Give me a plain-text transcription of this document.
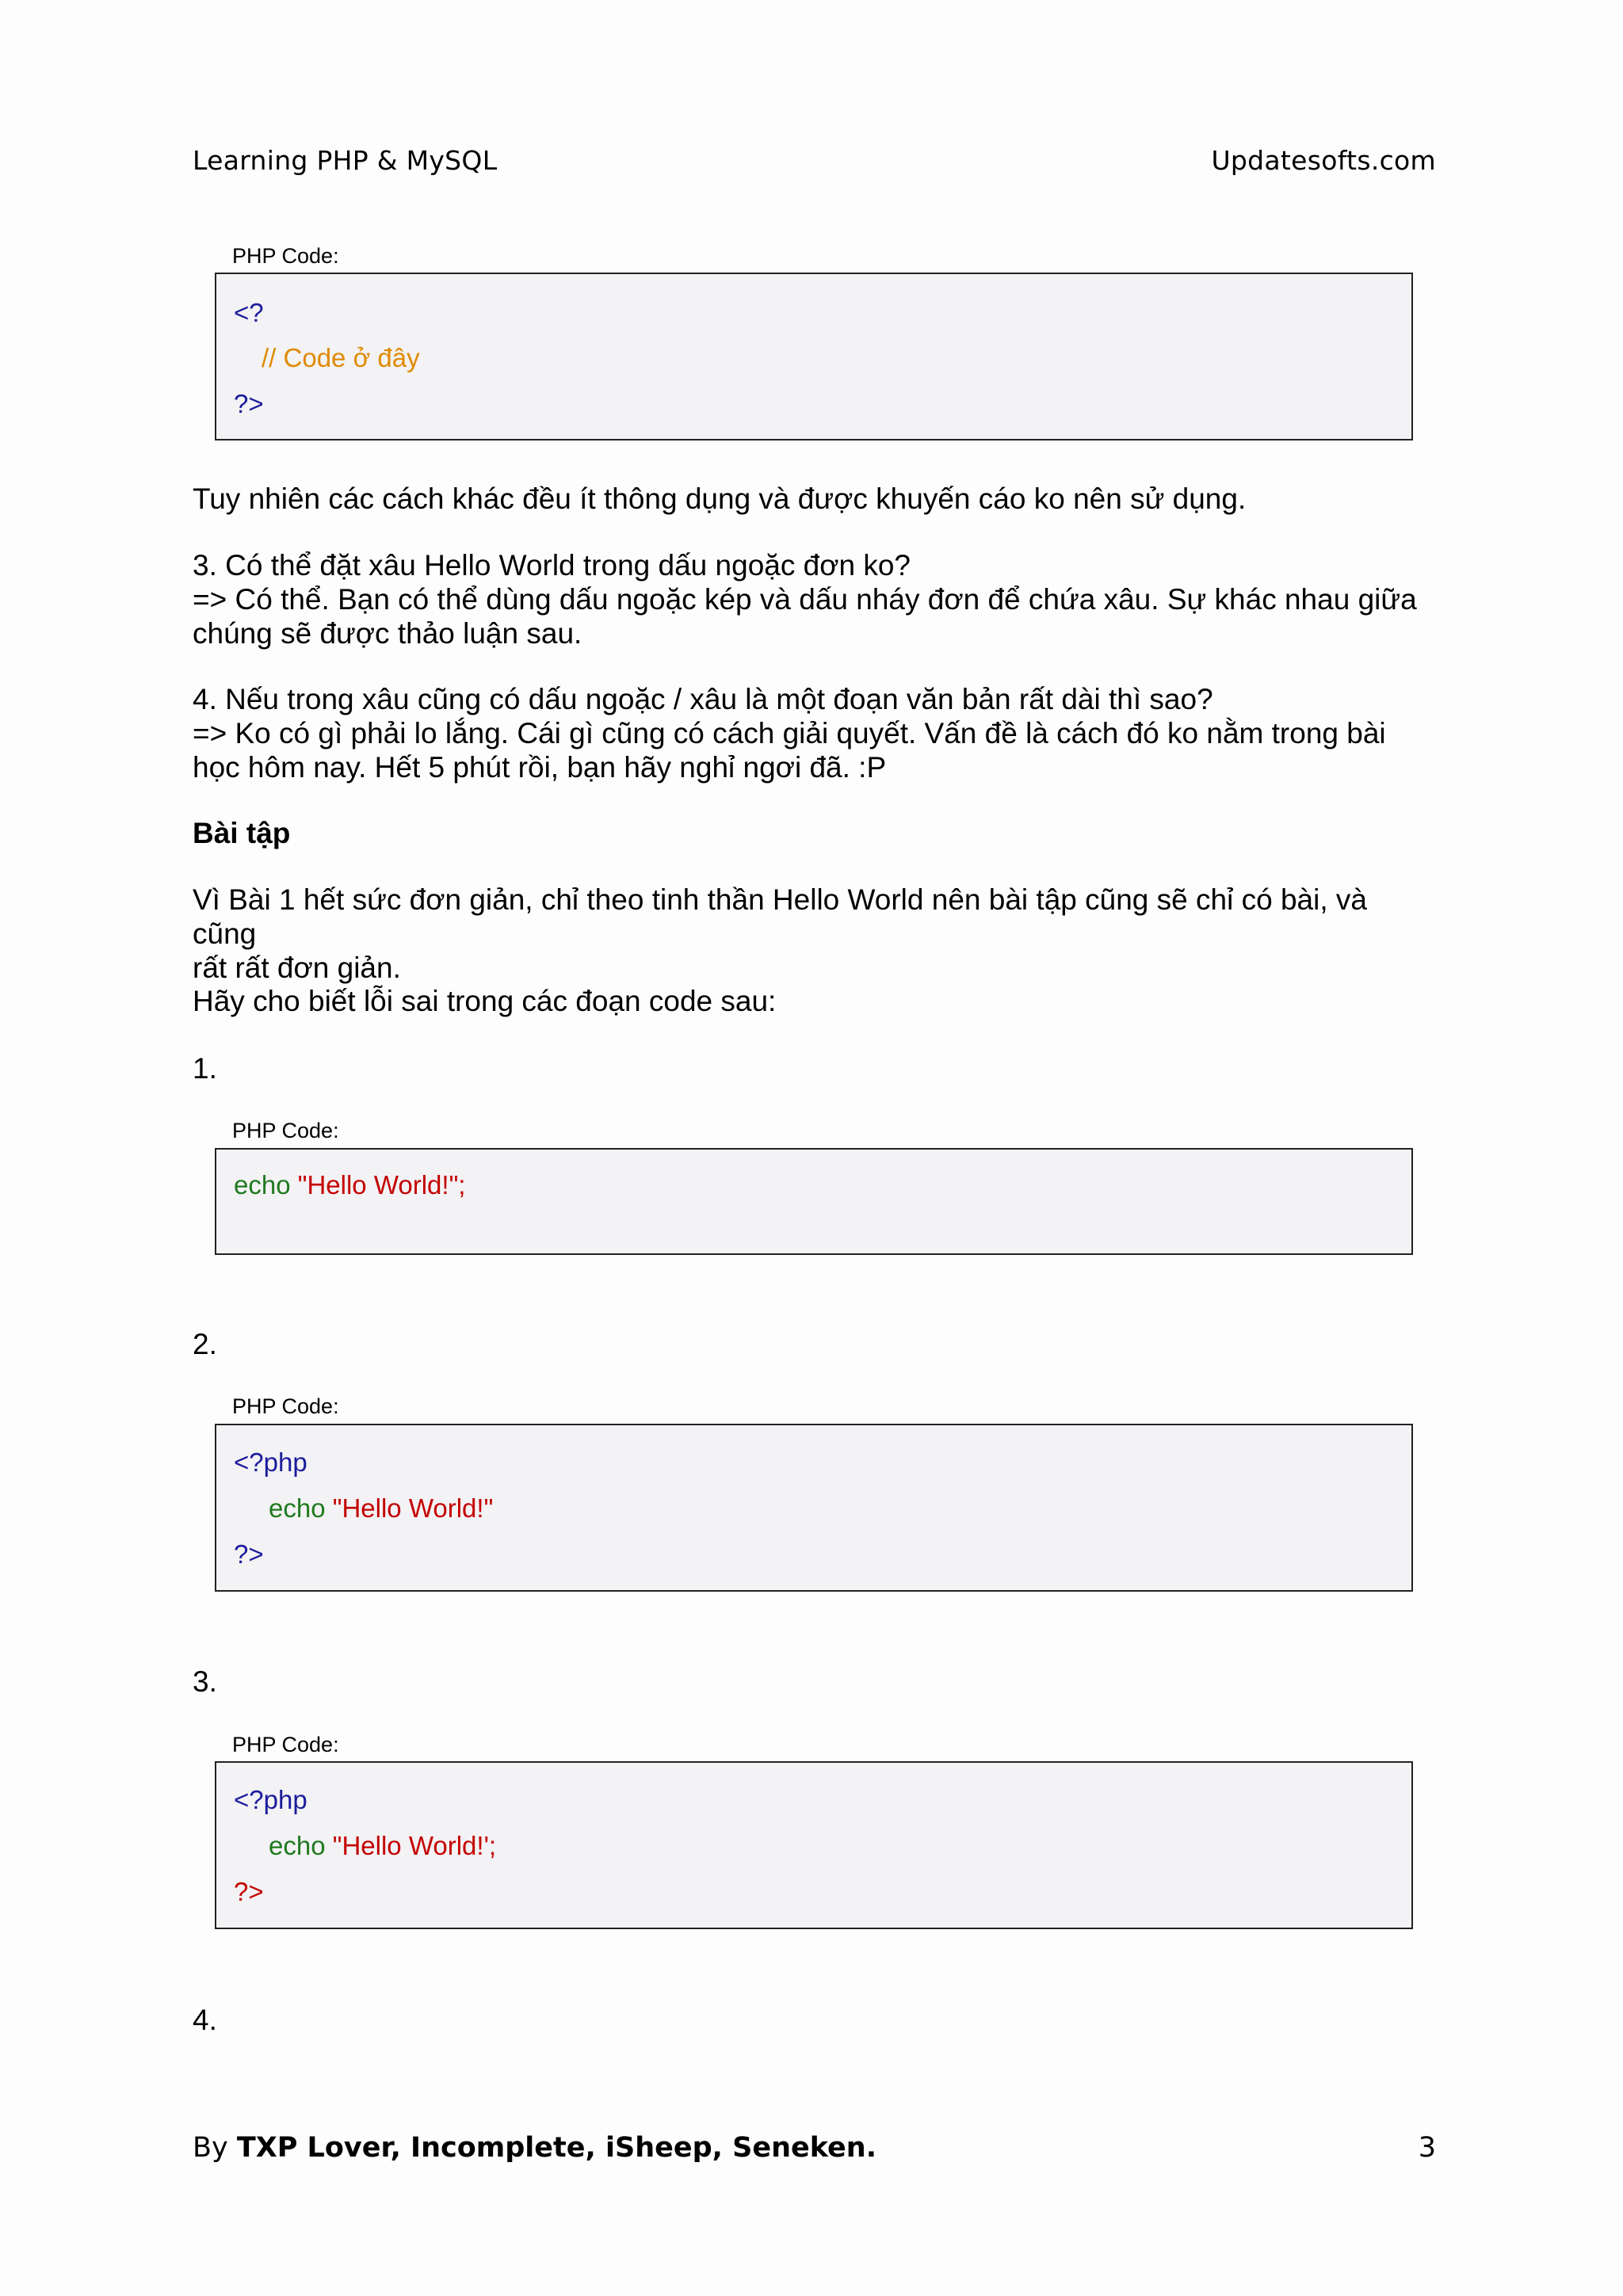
Learning PHP & MySQL	Updatesofts.com
PHP Code:
<?
// Code ở đây
?>
Tuy nhiên các cách khác đều ít thông dụng và được khuyến cáo ko nên sử dụng.
3. Có thể đặt xâu Hello World trong dấu ngoặc đơn ko?
=> Có thể. Bạn có thể dùng dấu ngoặc kép và dấu nháy đơn để chứa xâu. Sự khác nhau giữa
chúng sẽ được thảo luận sau.
4. Nếu trong xâu cũng có dấu ngoặc / xâu là một đoạn văn bản rất dài thì sao?
=> Ko có gì phải lo lắng. Cái gì cũng có cách giải quyết. Vấn đề là cách đó ko nằm trong bài
học hôm nay. Hết 5 phút rồi, bạn hãy nghỉ ngơi đã. :P
Bài tập
Vì Bài 1 hết sức đơn giản, chỉ theo tinh thần Hello World nên bài tập cũng sẽ chỉ có bài, và cũng
rất rất đơn giản.
Hãy cho biết lỗi sai trong các đoạn code sau:
1.
PHP Code:
echo "Hello World!";
2.
PHP Code:
<?php
echo "Hello World!"
?>
3.
PHP Code:
<?php
echo "Hello World!';
?>
4.
By TXP Lover, Incomplete, iSheep, Seneken.	3
